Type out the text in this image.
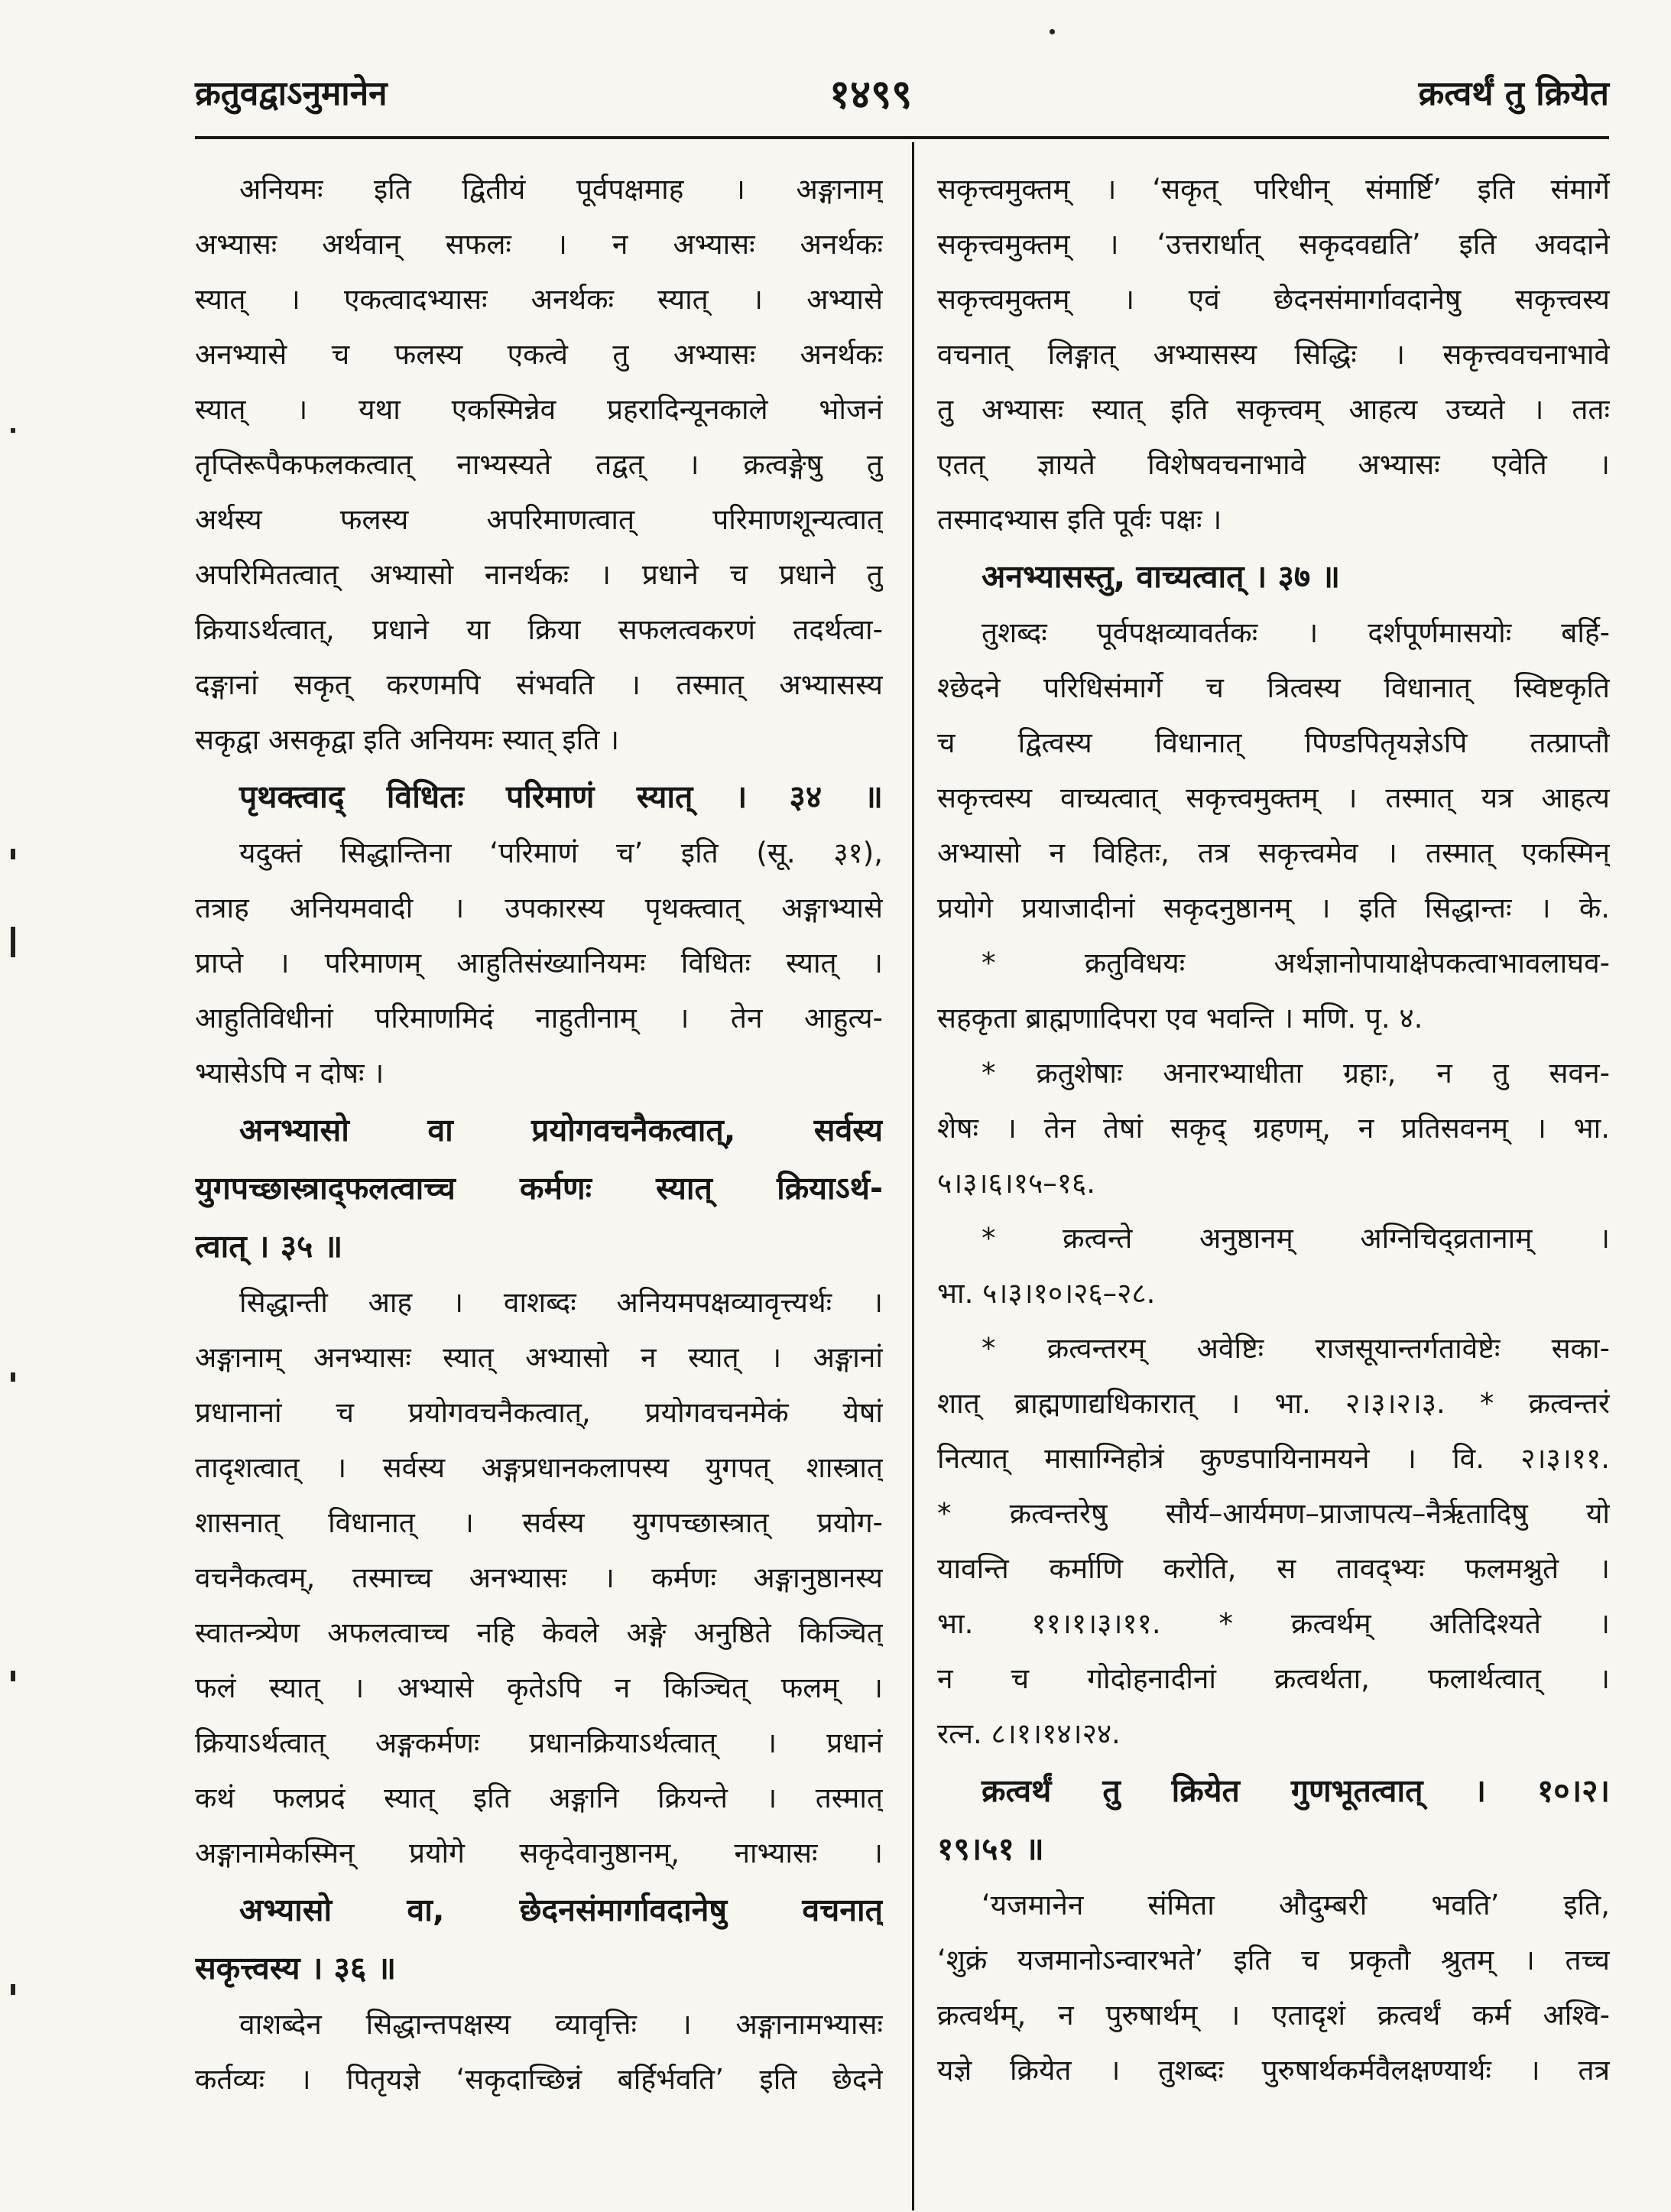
क्रतुवद्वाऽनुमानेन	१४९९	क्रत्वर्थं तु क्रियेत
अनियमः इति द्वितीयं पूर्वपक्षमाह । अङ्गानाम्
अभ्यासः अर्थवान् सफलः । न अभ्यासः अनर्थकः
स्यात् । एकत्वादभ्यासः अनर्थकः स्यात् । अभ्यासे
अनभ्यासे च फलस्य एकत्वे तु अभ्यासः अनर्थकः
स्यात् । यथा एकस्मिन्नेव प्रहरादिन्यूनकाले भोजनं
तृप्तिरूपैकफलकत्वात् नाभ्यस्यते तद्वत् । क्रत्वङ्गेषु तु
अर्थस्य फलस्य अपरिमाणत्वात् परिमाणशून्यत्वात्
अपरिमितत्वात् अभ्यासो नानर्थकः । प्रधाने च प्रधाने तु
क्रियाऽर्थत्वात्, प्रधाने या क्रिया सफलत्वकरणं तदर्थत्वा-
दङ्गानां सकृत् करणमपि संभवति । तस्मात् अभ्यासस्य
सकृद्वा असकृद्वा इति अनियमः स्यात् इति ।
पृथक्त्वाद् विधितः परिमाणं स्यात् । ३४ ॥
यदुक्तं सिद्धान्तिना ‘परिमाणं च’ इति (सू. ३१),
तत्राह अनियमवादी । उपकारस्य पृथक्त्वात् अङ्गाभ्यासे
प्राप्ते । परिमाणम् आहुतिसंख्यानियमः विधितः स्यात् ।
आहुतिविधीनां परिमाणमिदं नाहुतीनाम् । तेन आहुत्य-
भ्यासेऽपि न दोषः ।
अनभ्यासो वा प्रयोगवचनैकत्वात्, सर्वस्य
युगपच्छास्त्राद्फलत्वाच्च कर्मणः स्यात् क्रियाऽर्थ-
त्वात् । ३५ ॥
सिद्धान्ती आह । वाशब्दः अनियमपक्षव्यावृत्त्यर्थः ।
अङ्गानाम् अनभ्यासः स्यात् अभ्यासो न स्यात् । अङ्गानां
प्रधानानां च प्रयोगवचनैकत्वात्, प्रयोगवचनमेकं येषां
तादृशत्वात् । सर्वस्य अङ्गप्रधानकलापस्य युगपत् शास्त्रात्
शासनात् विधानात् । सर्वस्य युगपच्छास्त्रात् प्रयोग-
वचनैकत्वम्, तस्माच्च अनभ्यासः । कर्मणः अङ्गानुष्ठानस्य
स्वातन्त्र्येण अफलत्वाच्च नहि केवले अङ्गे अनुष्ठिते किञ्चित्
फलं स्यात् । अभ्यासे कृतेऽपि न किञ्चित् फलम् ।
क्रियाऽर्थत्वात् अङ्गकर्मणः प्रधानक्रियाऽर्थत्वात् । प्रधानं
कथं फलप्रदं स्यात् इति अङ्गानि क्रियन्ते । तस्मात्
अङ्गानामेकस्मिन् प्रयोगे सकृदेवानुष्ठानम्, नाभ्यासः ।
अभ्यासो वा, छेदनसंमार्गावदानेषु वचनात्
सकृत्त्वस्य । ३६ ॥
वाशब्देन सिद्धान्तपक्षस्य व्यावृत्तिः । अङ्गानामभ्यासः
कर्तव्यः । पितृयज्ञे ‘सकृदाच्छिन्नं बर्हिर्भवति’ इति छेदने
सकृत्त्वमुक्तम् । ‘सकृत् परिधीन् संमार्ष्टि’ इति संमार्गे
सकृत्त्वमुक्तम् । ‘उत्तरार्धात् सकृदवद्यति’ इति अवदाने
सकृत्त्वमुक्तम् । एवं छेदनसंमार्गावदानेषु सकृत्त्वस्य
वचनात् लिङ्गात् अभ्यासस्य सिद्धिः । सकृत्त्ववचनाभावे
तु अभ्यासः स्यात् इति सकृत्त्वम् आहत्य उच्यते । ततः
एतत् ज्ञायते विशेषवचनाभावे अभ्यासः एवेति ।
तस्मादभ्यास इति पूर्वः पक्षः ।
अनभ्यासस्तु, वाच्यत्वात् । ३७ ॥
तुशब्दः पूर्वपक्षव्यावर्तकः । दर्शपूर्णमासयोः बर्हि-
श्छेदने परिधिसंमार्गे च त्रित्वस्य विधानात् स्विष्टकृति
च द्वित्वस्य विधानात् पिण्डपितृयज्ञेऽपि तत्प्राप्तौ
सकृत्त्वस्य वाच्यत्वात् सकृत्त्वमुक्तम् । तस्मात् यत्र आहत्य
अभ्यासो न विहितः, तत्र सकृत्त्वमेव । तस्मात् एकस्मिन्
प्रयोगे प्रयाजादीनां सकृदनुष्ठानम् । इति सिद्धान्तः । के.
* क्रतुविधयः अर्थज्ञानोपायाक्षेपकत्वाभावलाघव-
सहकृता ब्राह्मणादिपरा एव भवन्ति । मणि. पृ. ४.
* क्रतुशेषाः अनारभ्याधीता ग्रहाः, न तु सवन-
शेषः । तेन तेषां सकृद् ग्रहणम्, न प्रतिसवनम् । भा.
५।३।६।१५–१६.
* क्रत्वन्ते अनुष्ठानम् अग्निचिद्व्रतानाम् ।
भा. ५।३।१०।२६–२८.
* क्रत्वन्तरम् अवेष्टिः राजसूयान्तर्गतावेष्टेः सका-
शात् ब्राह्मणाद्यधिकारात् । भा. २।३।२।३. * क्रत्वन्तरं
नित्यात् मासाग्निहोत्रं कुण्डपायिनामयने । वि. २।३।११.
* क्रत्वन्तरेषु सौर्य–आर्यमण–प्राजापत्य–नैर्ऋतादिषु यो
यावन्ति कर्माणि करोति, स तावद्भ्यः फलमश्नुते ।
भा. ११।१।३।११. * क्रत्वर्थम् अतिदिश्यते ।
न च गोदोहनादीनां क्रत्वर्थता, फलार्थत्वात् ।
रत्न. ८।१।१४।२४.
क्रत्वर्थं तु क्रियेत गुणभूतत्वात् । १०।२।
१९।५१ ॥
‘यजमानेन संमिता औदुम्बरी भवति’ इति,
‘शुक्रं यजमानोऽन्वारभते’ इति च प्रकृतौ श्रुतम् । तच्च
क्रत्वर्थम्, न पुरुषार्थम् । एतादृशं क्रत्वर्थं कर्म अश्वि-
यज्ञे क्रियेत । तुशब्दः पुरुषार्थकर्मवैलक्षण्यार्थः । तत्र
